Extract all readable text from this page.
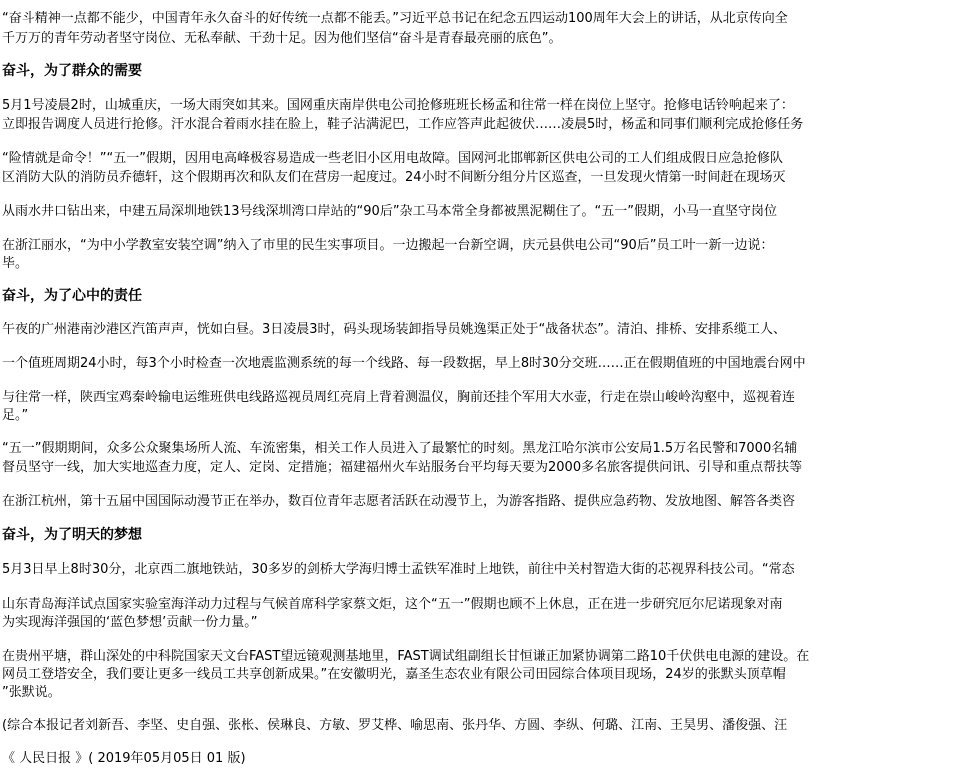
“奋斗精神一点都不能少，中国青年永久奋斗的好传统一点都不能丢。”习近平总书记在纪念五四运动100周年大会上的讲话，从北京传向全
千万万的青年劳动者坚守岗位、无私奉献、干劲十足。因为他们坚信“奋斗是青春最亮丽的底色”。
奋斗，为了群众的需要
5月1号凌晨2时，山城重庆，一场大雨突如其来。国网重庆南岸供电公司抢修班班长杨孟和往常一样在岗位上坚守。抢修电话铃响起来了：
立即报告调度人员进行抢修。汗水混合着雨水挂在脸上，鞋子沾满泥巴，工作应答声此起彼伏……凌晨5时，杨孟和同事们顺利完成抢修任务
“险情就是命令！”“五一”假期，因用电高峰极容易造成一些老旧小区用电故障。国网河北邯郸新区供电公司的工人们组成假日应急抢修队
区消防大队的消防员乔德轩，这个假期再次和队友们在营房一起度过。24小时不间断分组分片区巡查，一旦发现火情第一时间赶在现场灭
从雨水井口钻出来，中建五局深圳地铁13号线深圳湾口岸站的“90后”杂工马本常全身都被黑泥糊住了。“五一”假期，小马一直坚守岗位
在浙江丽水，“为中小学教室安装空调”纳入了市里的民生实事项目。一边搬起一台新空调，庆元县供电公司“90后”员工叶一新一边说：
毕。
奋斗，为了心中的责任
午夜的广州港南沙港区汽笛声声，恍如白昼。3日凌晨3时，码头现场装卸指导员姚逸渠正处于“战备状态”。清泊、排桥、安排系缆工人、
一个值班周期24小时，每3个小时检查一次地震监测系统的每一个线路、每一段数据，早上8时30分交班……正在假期值班的中国地震台网中
与往常一样，陕西宝鸡秦岭输电运维班供电线路巡视员周红亮肩上背着测温仪，胸前还挂个军用大水壶，行走在崇山峻岭沟壑中，巡视着连
足。”
“五一”假期期间，众多公众聚集场所人流、车流密集，相关工作人员进入了最繁忙的时刻。黑龙江哈尔滨市公安局1.5万名民警和7000名辅
督员坚守一线，加大实地巡查力度，定人、定岗、定措施；福建福州火车站服务台平均每天要为2000多名旅客提供问讯、引导和重点帮扶等
在浙江杭州，第十五届中国国际动漫节正在举办，数百位青年志愿者活跃在动漫节上，为游客指路、提供应急药物、发放地图、解答各类咨
奋斗，为了明天的梦想
5月3日早上8时30分，北京西二旗地铁站，30多岁的剑桥大学海归博士孟铁军准时上地铁，前往中关村智造大街的芯视界科技公司。“常态
山东青岛海洋试点国家实验室海洋动力过程与气候首席科学家蔡文炬，这个“五一”假期也顾不上休息，正在进一步研究厄尔尼诺现象对南
为实现海洋强国的‘蓝色梦想’贡献一份力量。”
在贵州平塘，群山深处的中科院国家天文台FAST望远镜观测基地里，FAST调试组副组长甘恒谦正加紧协调第二路10千伏供电电源的建设。在
网员工登塔安全，我们要让更多一线员工共享创新成果。”在安徽明光，嘉圣生态农业有限公司田园综合体项目现场，24岁的张默头顶草帽
”张默说。
(综合本报记者刘新吾、李坚、史自强、张枨、侯琳良、方敏、罗艾桦、喻思南、张丹华、方圆、李纵、何璐、江南、王昊男、潘俊强、汪
《 人民日报 》( 2019年05月05日 01 版)
